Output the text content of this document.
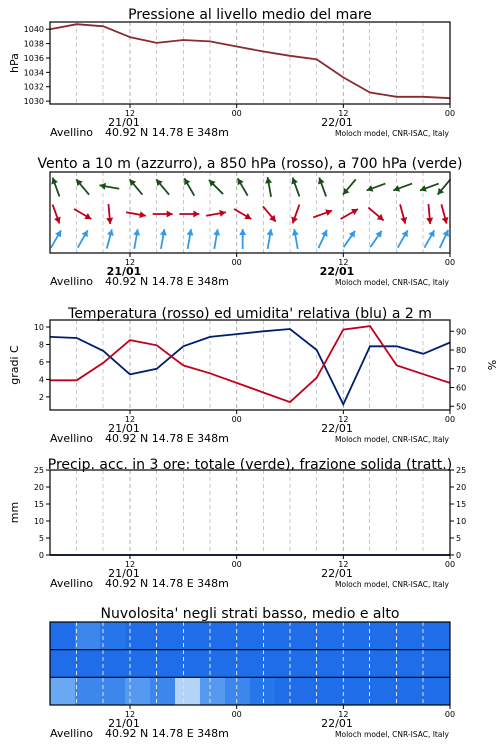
Pressione al livello medio del mare
1030
1032
1034
1036
1038
1040
hPa
12	00	12	00
21/01	22/01
Avellino 40.92 N 14.78 E 348m	Moloch model, CNR-ISAC, Italy
Vento a 10 m (azzurro), a 850 hPa (rosso), a 700 hPa (verde)
12	00	12	00
21/01	22/01
Avellino 40.92 N 14.78 E 348m	Moloch model, CNR-ISAC, Italy
Temperatura (rosso) ed umidita' relativa (blu) a 2 m
2
4
6
8
10
gradi C
50
60
70
80
90
%
12	00	12	00
21/01	22/01
Avellino 40.92 N 14.78 E 348m	Moloch model, CNR-ISAC, Italy
0
5
10
15
20
25
Precip. acc. in 3 ore: totale (verde), frazione solida (tratt.)
0
5
10
15
20
25
mm
12	00	12	00
21/01	22/01
Avellino 40.92 N 14.78 E 348m	Moloch model, CNR-ISAC, Italy
Nuvolosita' negli strati basso, medio e alto
12	00	12	00
21/01	22/01
Avellino 40.92 N 14.78 E 348m	Moloch model, CNR-ISAC, Italy
